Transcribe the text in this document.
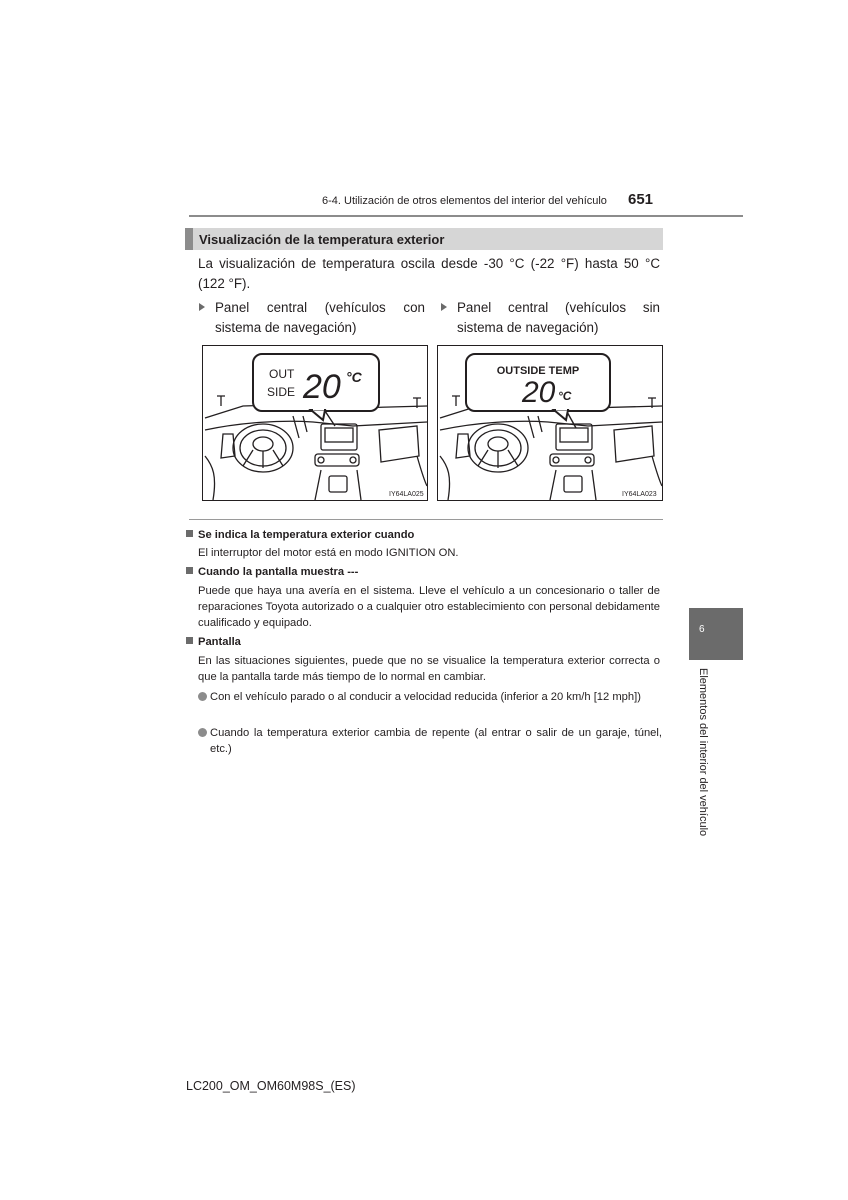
6-4. Utilización de otros elementos del interior del vehículo 651
Visualización de la temperatura exterior
La visualización de temperatura oscila desde -30 °C (-22 °F) hasta 50 °C (122 °F).
Panel central (vehículos con sistema de navegación)
Panel central (vehículos sin sistema de navegación)
OUT
SIDE 20 °C
IY64LA025
OUTSIDE TEMP
20 °C
IY64LA023
Se indica la temperatura exterior cuando
El interruptor del motor está en modo IGNITION ON.
Cuando la pantalla muestra ---
Puede que haya una avería en el sistema. Lleve el vehículo a un concesionario o taller de reparaciones Toyota autorizado o a cualquier otro establecimiento con personal debidamente cualificado y equipado.
Pantalla
En las situaciones siguientes, puede que no se visualice la temperatura exterior correcta o que la pantalla tarde más tiempo de lo normal en cambiar.
Con el vehículo parado o al conducir a velocidad reducida (inferior a 20 km/h [12 mph])
Cuando la temperatura exterior cambia de repente (al entrar o salir de un garaje, túnel, etc.)
6
Elementos del interior del vehículo
LC200_OM_OM60M98S_(ES)
